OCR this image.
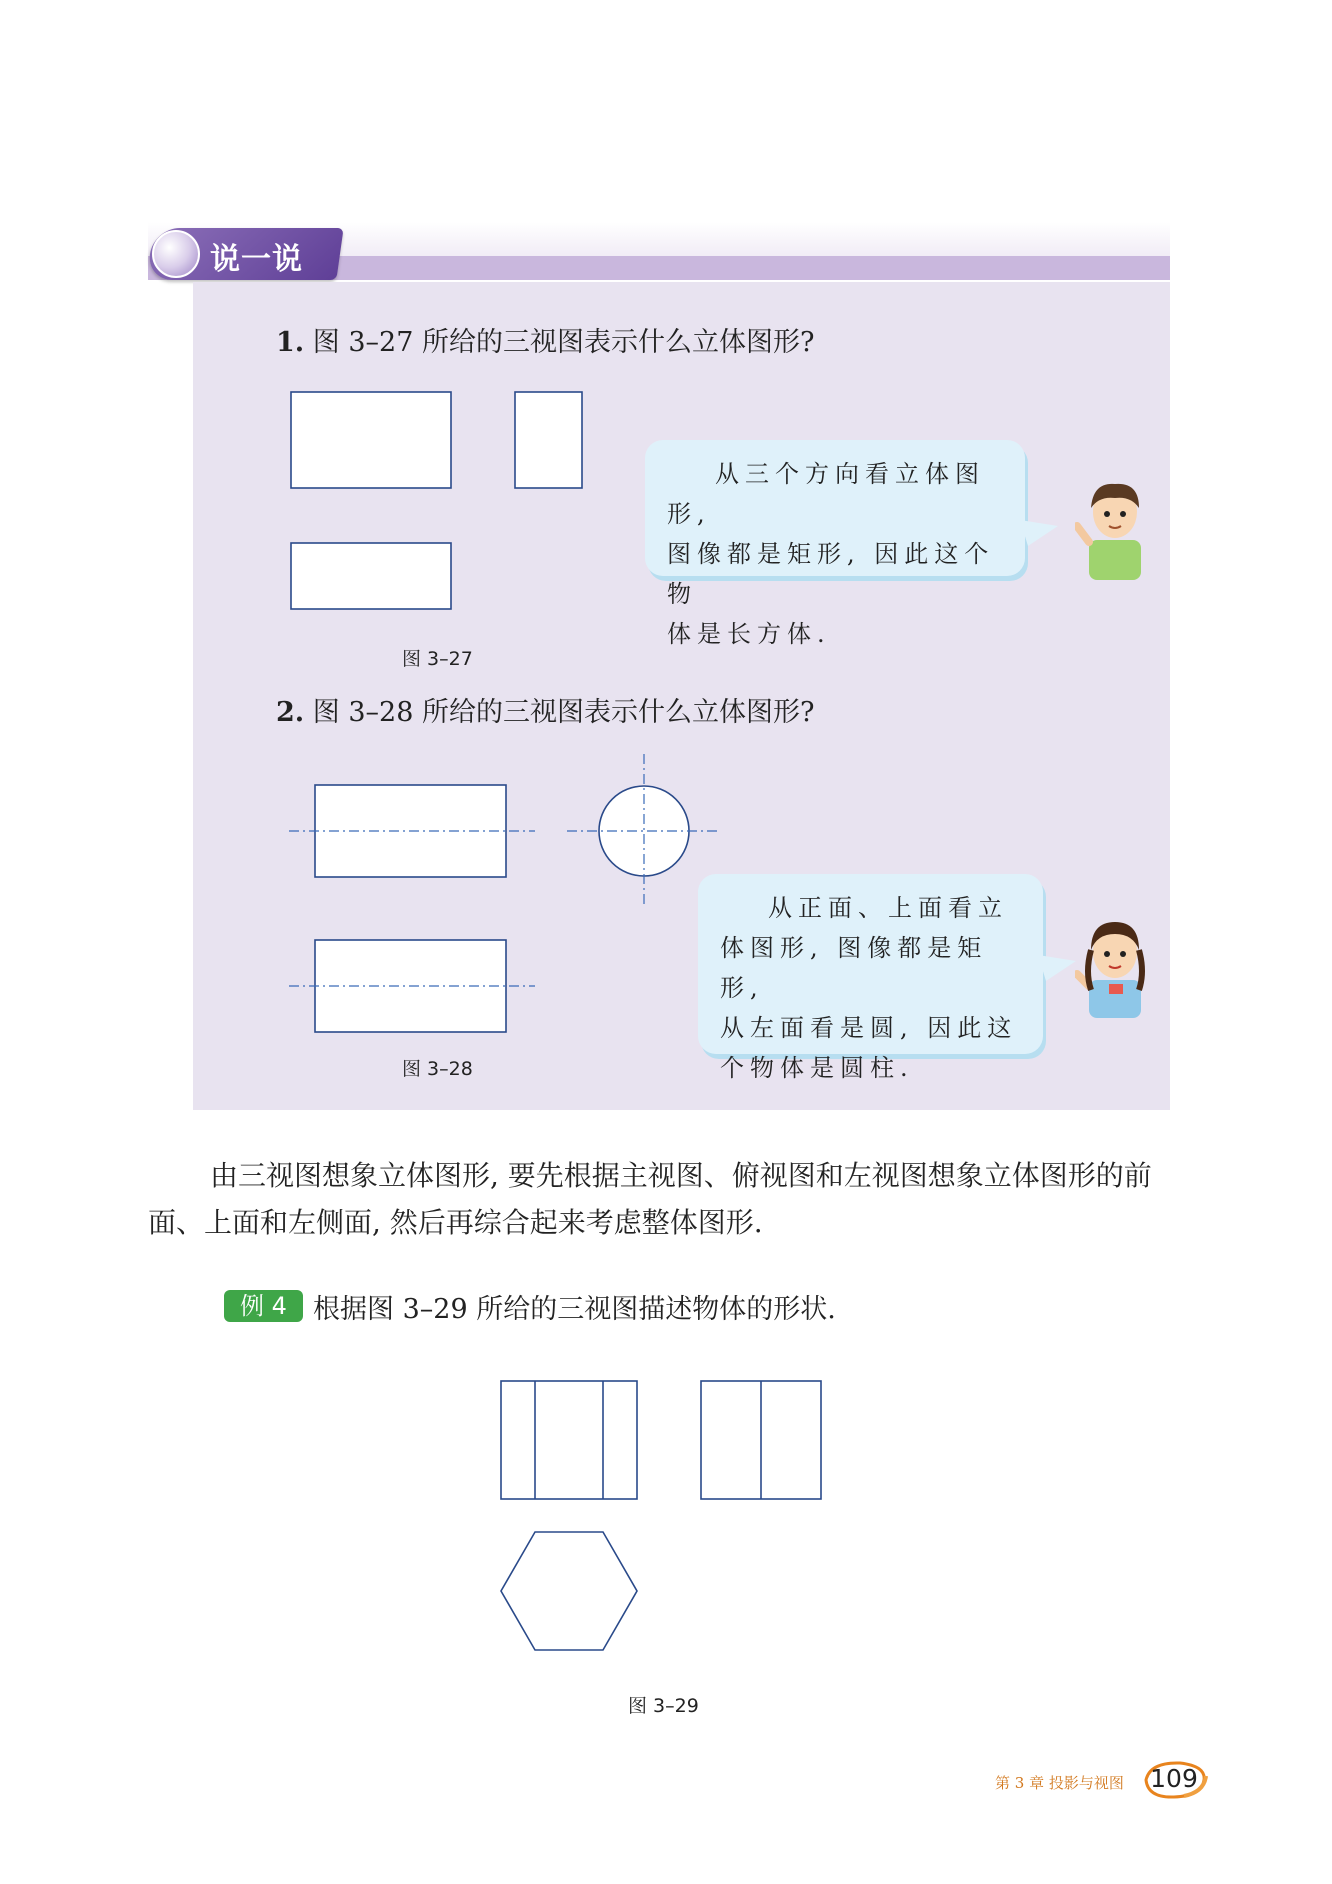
说一说
1. 图 3–27 所给的三视图表示什么立体图形?
从三个方向看立体图形,
图像都是矩形, 因此这个物
体是长方体.
图 3–27
2. 图 3–28 所给的三视图表示什么立体图形?
从正面、上面看立
体图形, 图像都是矩形,
从左面看是圆, 因此这
个物体是圆柱.
图 3–28
由三视图想象立体图形, 要先根据主视图、俯视图和左视图想象立体图形的前面、上面和左侧面, 然后再综合起来考虑整体图形.
例 4 根据图 3–29 所给的三视图描述物体的形状.
图 3–29
第 3 章 投影与视图 109
